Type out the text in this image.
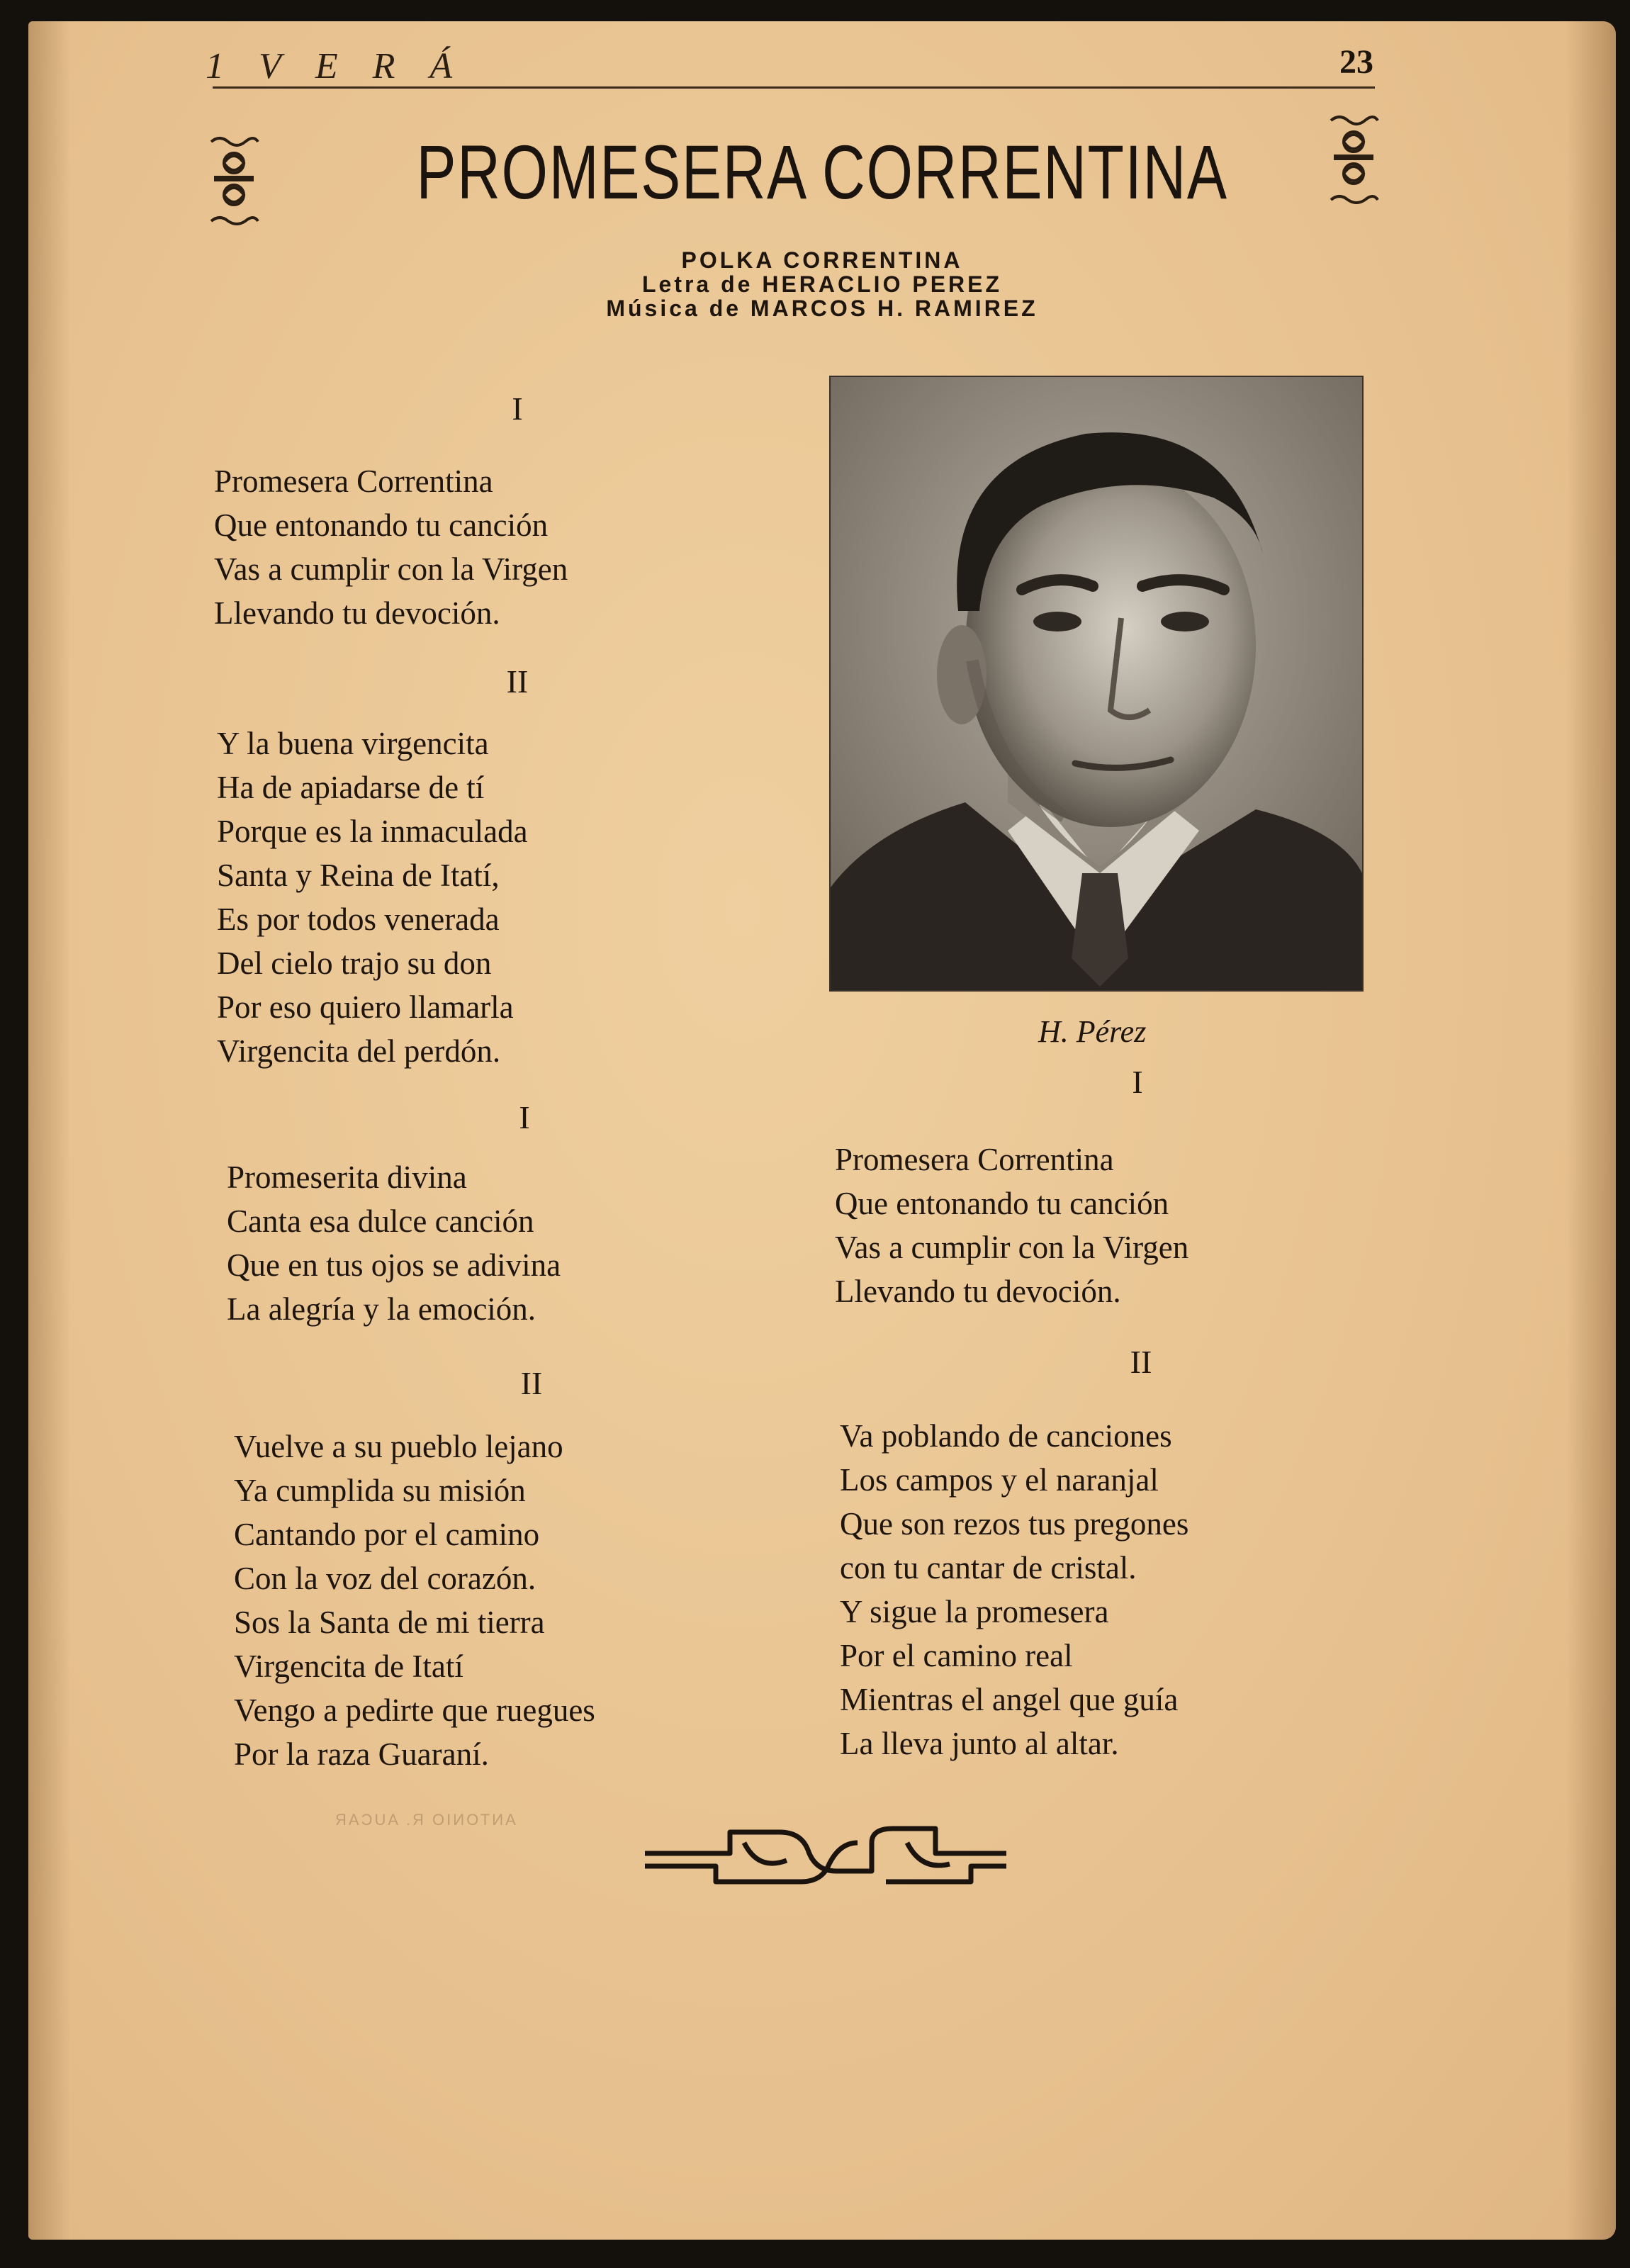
1 V E R Á	23
PROMESERA CORRENTINA
POLKA CORRENTINA
Letra de HERACLIO PEREZ
Música de MARCOS H. RAMIREZ
I
Promesera Correntina
Que entonando tu canción
Vas a cumplir con la Virgen
Llevando tu devoción.
II
Y la buena virgencita
Ha de apiadarse de tí
Porque es la inmaculada
Santa y Reina de Itatí,
Es por todos venerada
Del cielo trajo su don
Por eso quiero llamarla
Virgencita del perdón.
I
Promeserita divina
Canta esa dulce canción
Que en tus ojos se adivina
La alegría y la emoción.
II
Vuelve a su pueblo lejano
Ya cumplida su misión
Cantando por el camino
Con la voz del corazón.
Sos la Santa de mi tierra
Virgencita de Itatí
Vengo a pedirte que ruegues
Por la raza Guaraní.
H. Pérez
I
Promesera Correntina
Que entonando tu canción
Vas a cumplir con la Virgen
Llevando tu devoción.
II
Va poblando de canciones
Los campos y el naranjal
Que son rezos tus pregones
con tu cantar de cristal.
Y sigue la promesera
Por el camino real
Mientras el angel que guía
La lleva junto al altar.
ANTONIO R. AUCAR
